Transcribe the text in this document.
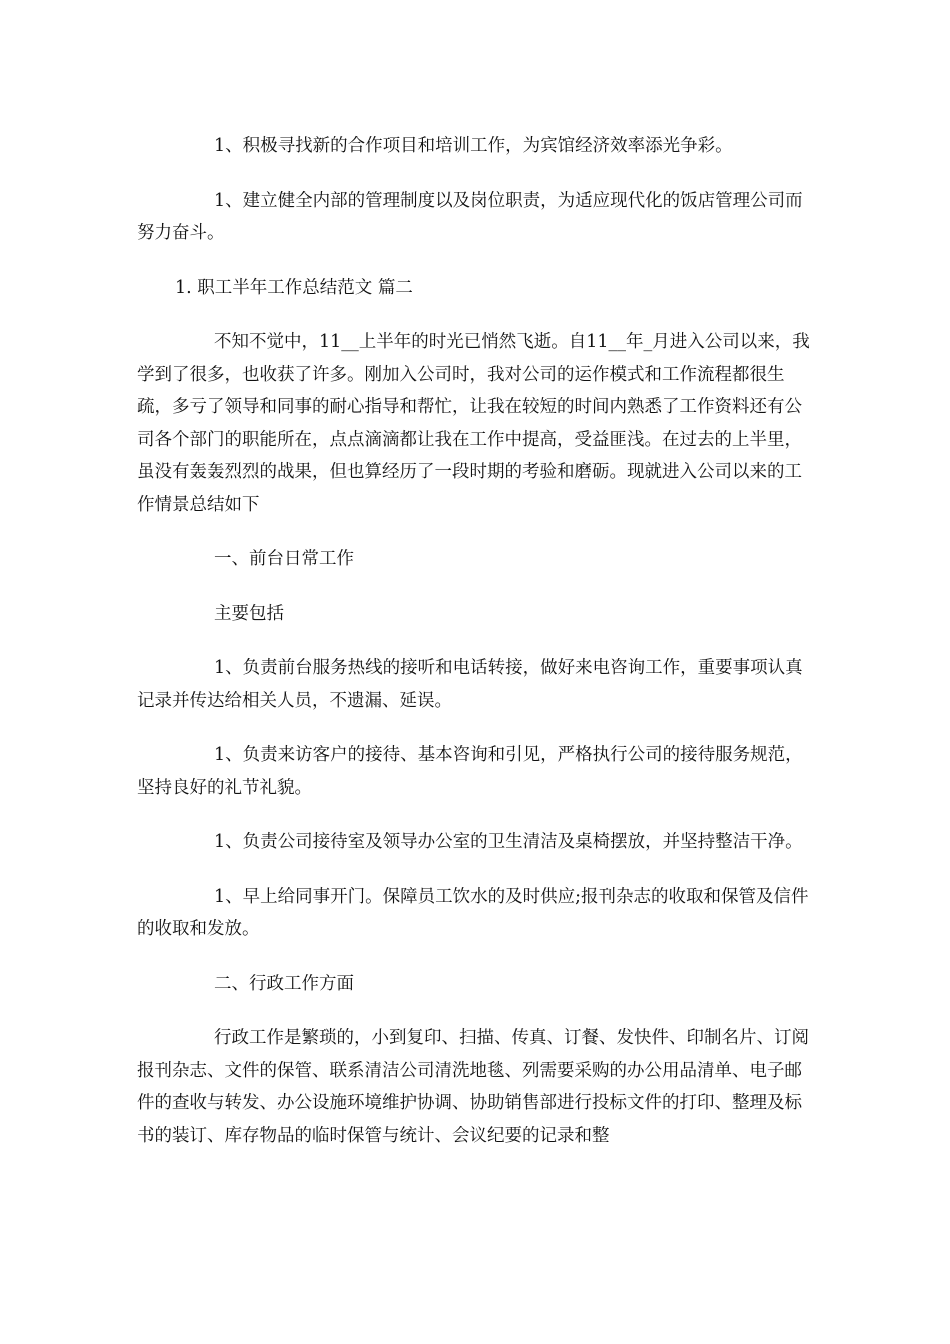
1、积极寻找新的合作项目和培训工作，为宾馆经济效率添光争彩。

1、建立健全内部的管理制度以及岗位职责，为适应现代化的饭店管理公司而努力奋斗。

1. 职工半年工作总结范文 篇二

不知不觉中，11__上半年的时光已悄然飞逝。自11__年_月进入公司以来，我学到了很多，也收获了许多。刚加入公司时，我对公司的运作模式和工作流程都很生疏，多亏了领导和同事的耐心指导和帮忙，让我在较短的时间内熟悉了工作资料还有公司各个部门的职能所在，点点滴滴都让我在工作中提高，受益匪浅。在过去的上半里，虽没有轰轰烈烈的战果，但也算经历了一段时期的考验和磨砺。现就进入公司以来的工作情景总结如下

一、前台日常工作

主要包括

1、负责前台服务热线的接听和电话转接，做好来电咨询工作，重要事项认真记录并传达给相关人员，不遗漏、延误。

1、负责来访客户的接待、基本咨询和引见，严格执行公司的接待服务规范，坚持良好的礼节礼貌。

1、负责公司接待室及领导办公室的卫生清洁及桌椅摆放，并坚持整洁干净。

1、早上给同事开门。保障员工饮水的及时供应;报刊杂志的收取和保管及信件的收取和发放。

二、行政工作方面

行政工作是繁琐的，小到复印、扫描、传真、订餐、发快件、印制名片、订阅报刊杂志、文件的保管、联系清洁公司清洗地毯、列需要采购的办公用品清单、电子邮件的查收与转发、办公设施环境维护协调、协助销售部进行投标文件的打印、整理及标书的装订、库存物品的临时保管与统计、会议纪要的记录和整
